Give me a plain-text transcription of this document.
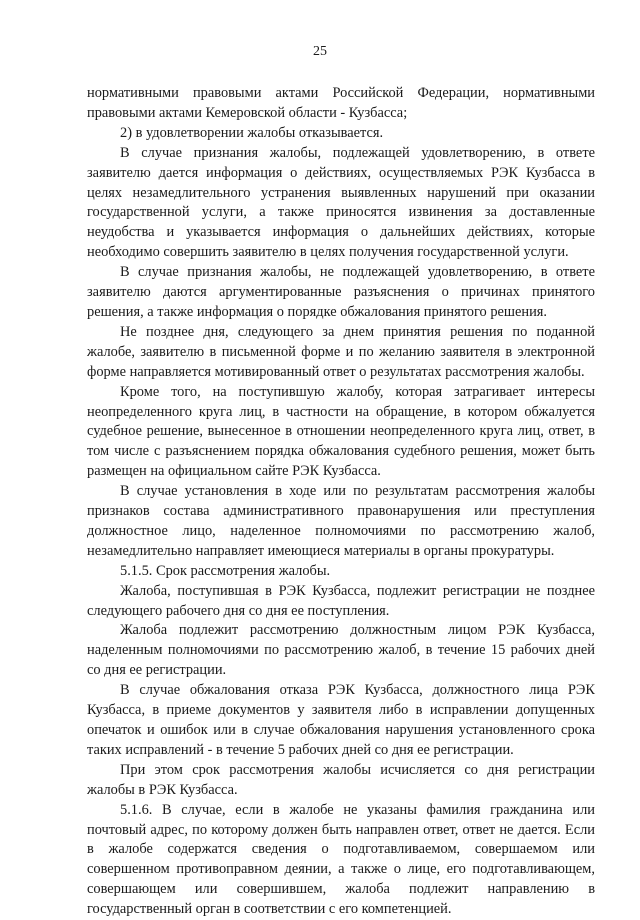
25

нормативными правовыми актами Российской Федерации, нормативными правовыми актами Кемеровской области - Кузбасса;

2) в удовлетворении жалобы отказывается.

В случае признания жалобы, подлежащей удовлетворению, в ответе заявителю дается информация о действиях, осуществляемых РЭК Кузбасса в целях незамедлительного устранения выявленных нарушений при оказании государственной услуги, а также приносятся извинения за доставленные неудобства и указывается информация о дальнейших действиях, которые необходимо совершить заявителю в целях получения государственной услуги.

В случае признания жалобы, не подлежащей удовлетворению, в ответе заявителю даются аргументированные разъяснения о причинах принятого решения, а также информация о порядке обжалования принятого решения.

Не позднее дня, следующего за днем принятия решения по поданной жалобе, заявителю в письменной форме и по желанию заявителя в электронной форме направляется мотивированный ответ о результатах рассмотрения жалобы.

Кроме того, на поступившую жалобу, которая затрагивает интересы неопределенного круга лиц, в частности на обращение, в котором обжалуется судебное решение, вынесенное в отношении неопределенного круга лиц, ответ, в том числе с разъяснением порядка обжалования судебного решения, может быть размещен на официальном сайте РЭК Кузбасса.

В случае установления в ходе или по результатам рассмотрения жалобы признаков состава административного правонарушения или преступления должностное лицо, наделенное полномочиями по рассмотрению жалоб, незамедлительно направляет имеющиеся материалы в органы прокуратуры.

5.1.5. Срок рассмотрения жалобы.

Жалоба, поступившая в РЭК Кузбасса, подлежит регистрации не позднее следующего рабочего дня со дня ее поступления.

Жалоба подлежит рассмотрению должностным лицом РЭК Кузбасса, наделенным полномочиями по рассмотрению жалоб, в течение 15 рабочих дней со дня ее регистрации.

В случае обжалования отказа РЭК Кузбасса, должностного лица РЭК Кузбасса, в приеме документов у заявителя либо в исправлении допущенных опечаток и ошибок или в случае обжалования нарушения установленного срока таких исправлений - в течение 5 рабочих дней со дня ее регистрации.

При этом срок рассмотрения жалобы исчисляется со дня регистрации жалобы в РЭК Кузбасса.

5.1.6. В случае, если в жалобе не указаны фамилия гражданина или почтовый адрес, по которому должен быть направлен ответ, ответ не дается. Если в жалобе содержатся сведения о подготавливаемом, совершаемом или совершенном противоправном деянии, а также о лице, его подготавливающем, совершающем или совершившем, жалоба подлежит направлению в государственный орган в соответствии с его компетенцией.
